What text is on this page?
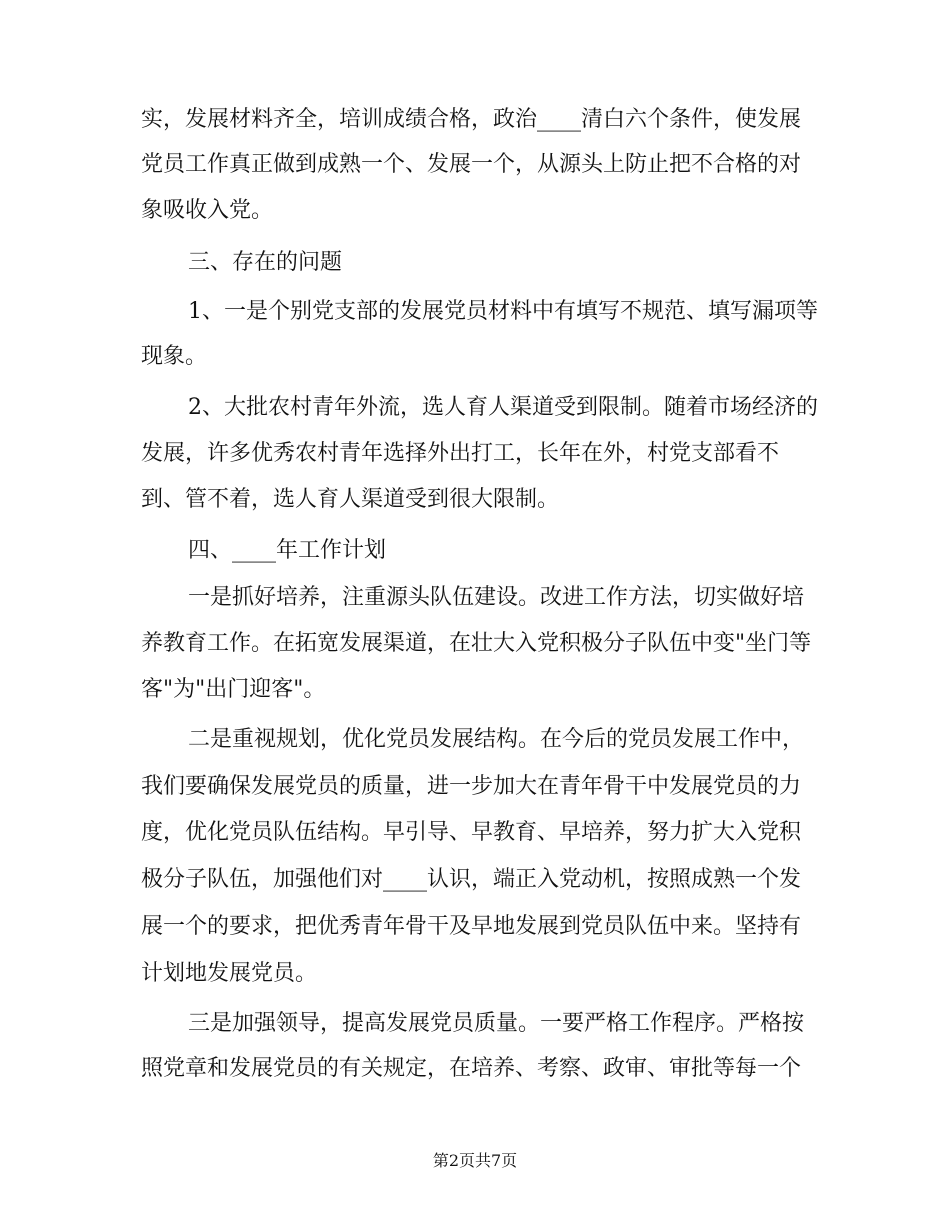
实，发展材料齐全，培训成绩合格，政治____清白六个条件，使发展
党员工作真正做到成熟一个、发展一个，从源头上防止把不合格的对
象吸收入党。
三、存在的问题
1、一是个别党支部的发展党员材料中有填写不规范、填写漏项等
现象。
2、大批农村青年外流，选人育人渠道受到限制。随着市场经济的
发展，许多优秀农村青年选择外出打工，长年在外，村党支部看不
到、管不着，选人育人渠道受到很大限制。
四、____年工作计划
一是抓好培养，注重源头队伍建设。改进工作方法，切实做好培
养教育工作。在拓宽发展渠道，在壮大入党积极分子队伍中变"坐门等
客"为"出门迎客"。
二是重视规划，优化党员发展结构。在今后的党员发展工作中，
我们要确保发展党员的质量，进一步加大在青年骨干中发展党员的力
度，优化党员队伍结构。早引导、早教育、早培养，努力扩大入党积
极分子队伍，加强他们对____认识，端正入党动机，按照成熟一个发
展一个的要求，把优秀青年骨干及早地发展到党员队伍中来。坚持有
计划地发展党员。
三是加强领导，提高发展党员质量。一要严格工作程序。严格按
照党章和发展党员的有关规定，在培养、考察、政审、审批等每一个
第2页共7页
